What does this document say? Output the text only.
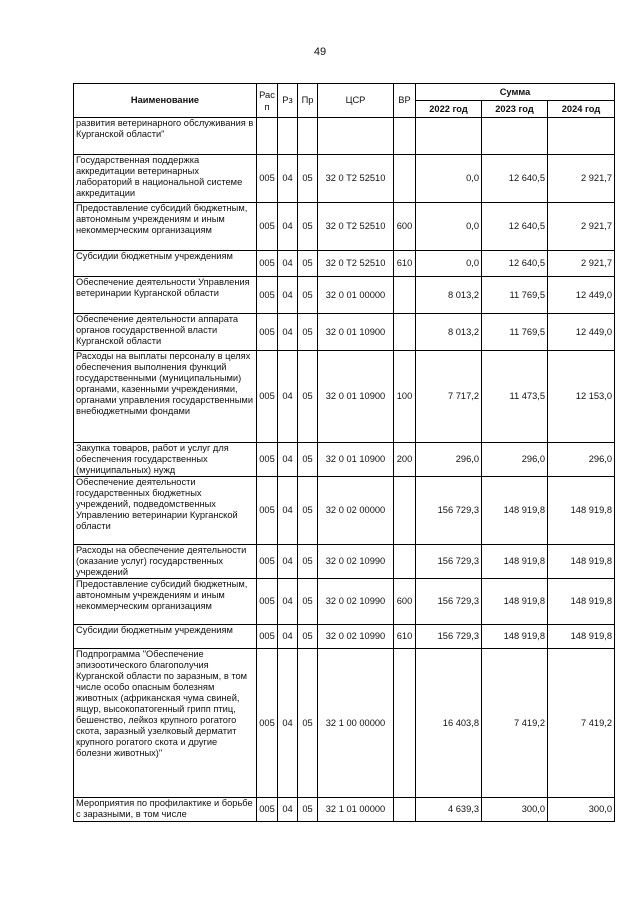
49
Наименование	Рас п	Рз	Пр	ЦСР	ВР	Сумма		
						2022 год	2023 год	2024 год
развития ветеринарного обслуживания в Курганской области"								
Государственная поддержка аккредитации ветеринарных лабораторий в национальной системе аккредитации	005	04	05	32 0 T2 52510		0,0	12 640,5	2 921,7
Предоставление субсидий бюджетным, автономным учреждениям и иным некоммерческим организациям	005	04	05	32 0 T2 52510	600	0,0	12 640,5	2 921,7
Субсидии бюджетным учреждениям	005	04	05	32 0 T2 52510	610	0,0	12 640,5	2 921,7
Обеспечение деятельности Управления ветеринарии Курганской области	005	04	05	32 0 01 00000		8 013,2	11 769,5	12 449,0
Обеспечение деятельности аппарата органов государственной власти Курганской области	005	04	05	32 0 01 10900		8 013,2	11 769,5	12 449,0
Расходы на выплаты персоналу в целях обеспечения выполнения функций государственными (муниципальными) органами, казенными учреждениями, органами управления государственными внебюджетными фондами	005	04	05	32 0 01 10900	100	7 717,2	11 473,5	12 153,0
Закупка товаров, работ и услуг для обеспечения государственных (муниципальных) нужд	005	04	05	32 0 01 10900	200	296,0	296,0	296,0
Обеспечение деятельности государственных бюджетных учреждений, подведомственных Управлению ветеринарии Курганской области	005	04	05	32 0 02 00000		156 729,3	148 919,8	148 919,8
Расходы на обеспечение деятельности (оказание услуг) государственных учреждений	005	04	05	32 0 02 10990		156 729,3	148 919,8	148 919,8
Предоставление субсидий бюджетным, автономным учреждениям и иным некоммерческим организациям	005	04	05	32 0 02 10990	600	156 729,3	148 919,8	148 919,8
Субсидии бюджетным учреждениям	005	04	05	32 0 02 10990	610	156 729,3	148 919,8	148 919,8
Подпрограмма "Обеспечение эпизоотического благополучия Курганской области по заразным, в том числе особо опасным болезням животных (африканская чума свиней, ящур, высокопатогенный грипп птиц, бешенство, лейкоз крупного рогатого скота, заразный узелковый дерматит крупного рогатого скота и другие болезни животных)"	005	04	05	32 1 00 00000		16 403,8	7 419,2	7 419,2
Мероприятия по профилактике и борьбе с заразными, в том числе	005	04	05	32 1 01 00000		4 639,3	300,0	300,0
